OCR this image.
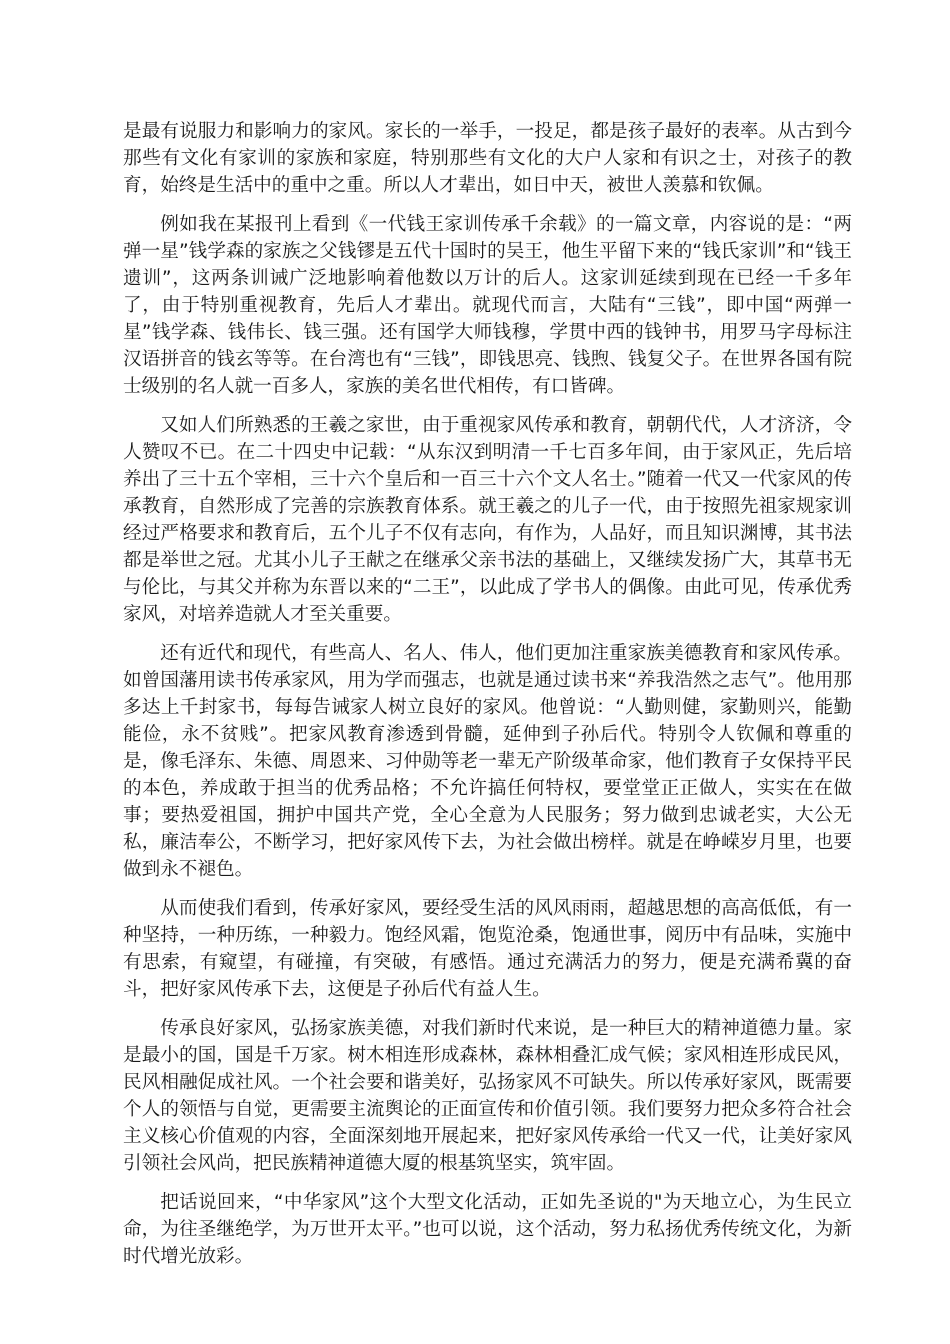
是最有说服力和影响力的家风。家长的一举手，一投足，都是孩子最好的表率。从古到今那些有文化有家训的家族和家庭，特别那些有文化的大户人家和有识之士，对孩子的教育，始终是生活中的重中之重。所以人才辈出，如日中天，被世人羡慕和钦佩。

例如我在某报刊上看到《一代钱王家训传承千余载》的一篇文章，内容说的是：“两弹一星”钱学森的家族之父钱镠是五代十国时的吴王，他生平留下来的“钱氏家训”和“钱王遗训”，这两条训诫广泛地影响着他数以万计的后人。这家训延续到现在已经一千多年了，由于特别重视教育，先后人才辈出。就现代而言，大陆有“三钱”，即中国“两弹一星”钱学森、钱伟长、钱三强。还有国学大师钱穆，学贯中西的钱钟书，用罗马字母标注汉语拼音的钱玄等等。在台湾也有“三钱”，即钱思亮、钱煦、钱复父子。在世界各国有院士级别的名人就一百多人，家族的美名世代相传，有口皆碑。

又如人们所熟悉的王羲之家世，由于重视家风传承和教育，朝朝代代，人才济济，令人赞叹不已。在二十四史中记载：“从东汉到明清一千七百多年间，由于家风正，先后培养出了三十五个宰相，三十六个皇后和一百三十六个文人名士。”随着一代又一代家风的传承教育，自然形成了完善的宗族教育体系。就王羲之的儿子一代，由于按照先祖家规家训经过严格要求和教育后，五个儿子不仅有志向，有作为，人品好，而且知识渊博，其书法都是举世之冠。尤其小儿子王献之在继承父亲书法的基础上，又继续发扬广大，其草书无与伦比，与其父并称为东晋以来的“二王”，以此成了学书人的偶像。由此可见，传承优秀家风，对培养造就人才至关重要。

还有近代和现代，有些高人、名人、伟人，他们更加注重家族美德教育和家风传承。如曾国藩用读书传承家风，用为学而强志，也就是通过读书来“养我浩然之志气”。他用那多达上千封家书，每每告诫家人树立良好的家风。他曾说：“人勤则健，家勤则兴，能勤能俭，永不贫贱”。把家风教育渗透到骨髓，延伸到子孙后代。特别令人钦佩和尊重的是，像毛泽东、朱德、周恩来、习仲勋等老一辈无产阶级革命家，他们教育子女保持平民的本色，养成敢于担当的优秀品格；不允许搞任何特权，要堂堂正正做人，实实在在做事；要热爱祖国，拥护中国共产党，全心全意为人民服务；努力做到忠诚老实，大公无私，廉洁奉公，不断学习，把好家风传下去，为社会做出榜样。就是在峥嵘岁月里，也要做到永不褪色。

从而使我们看到，传承好家风，要经受生活的风风雨雨，超越思想的高高低低，有一种坚持，一种历练，一种毅力。饱经风霜，饱览沧桑，饱通世事，阅历中有品味，实施中有思索，有窥望，有碰撞，有突破，有感悟。通过充满活力的努力，便是充满希冀的奋斗，把好家风传承下去，这便是子孙后代有益人生。

传承良好家风，弘扬家族美德，对我们新时代来说，是一种巨大的精神道德力量。家是最小的国，国是千万家。树木相连形成森林，森林相叠汇成气候；家风相连形成民风，民风相融促成社风。一个社会要和谐美好，弘扬家风不可缺失。所以传承好家风，既需要个人的领悟与自觉，更需要主流舆论的正面宣传和价值引领。我们要努力把众多符合社会主义核心价值观的内容，全面深刻地开展起来，把好家风传承给一代又一代，让美好家风引领社会风尚，把民族精神道德大厦的根基筑坚实，筑牢固。

把话说回来，“中华家风”这个大型文化活动，正如先圣说的"为天地立心，为生民立命，为往圣继绝学，为万世开太平。”也可以说，这个活动，努力私扬优秀传统文化，为新时代增光放彩。
